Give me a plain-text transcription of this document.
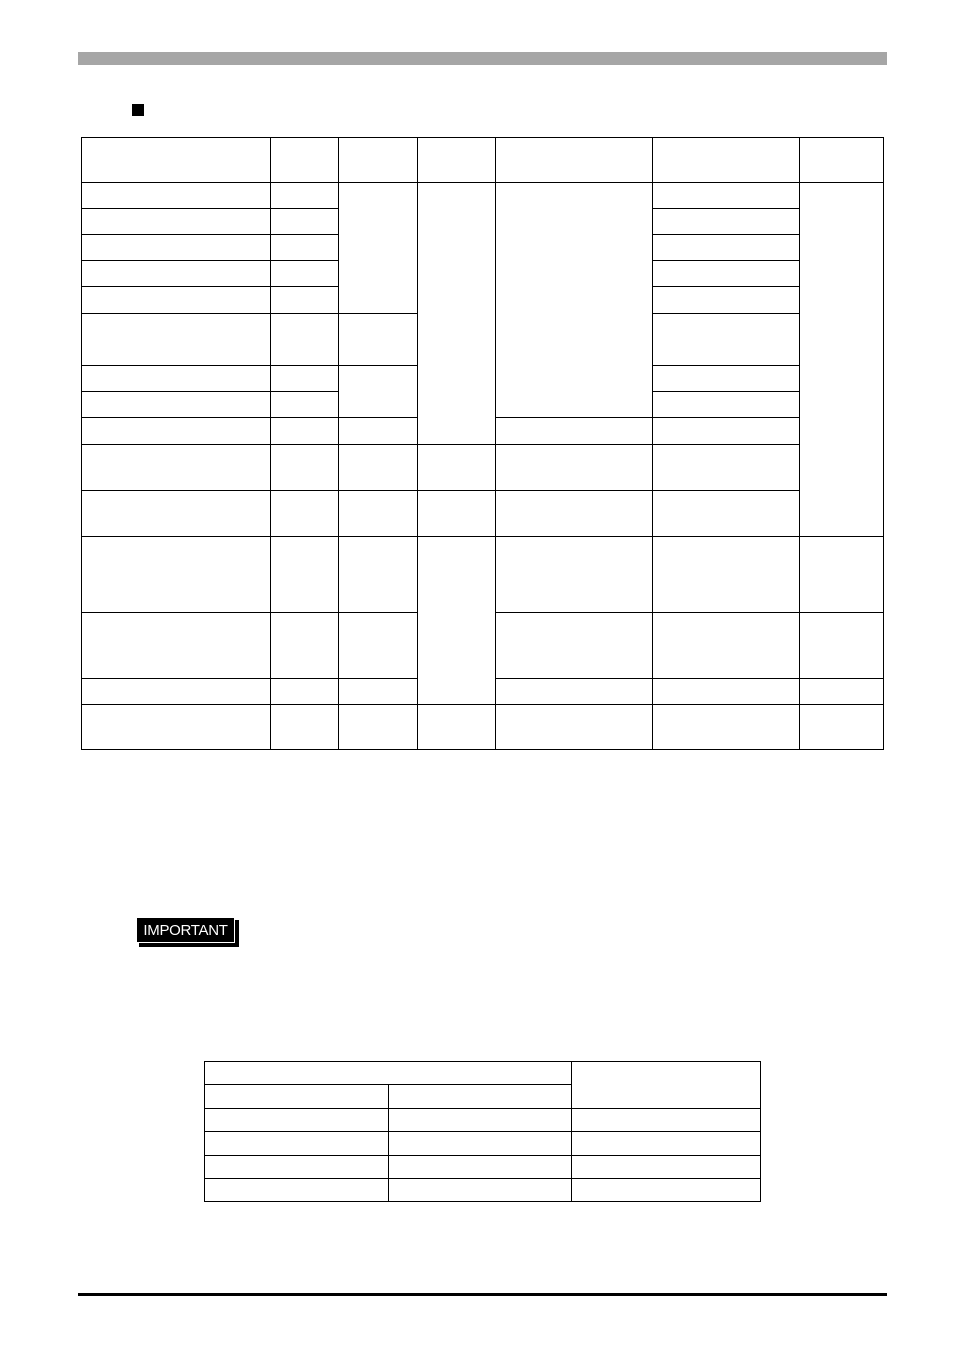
IMPORTANT
